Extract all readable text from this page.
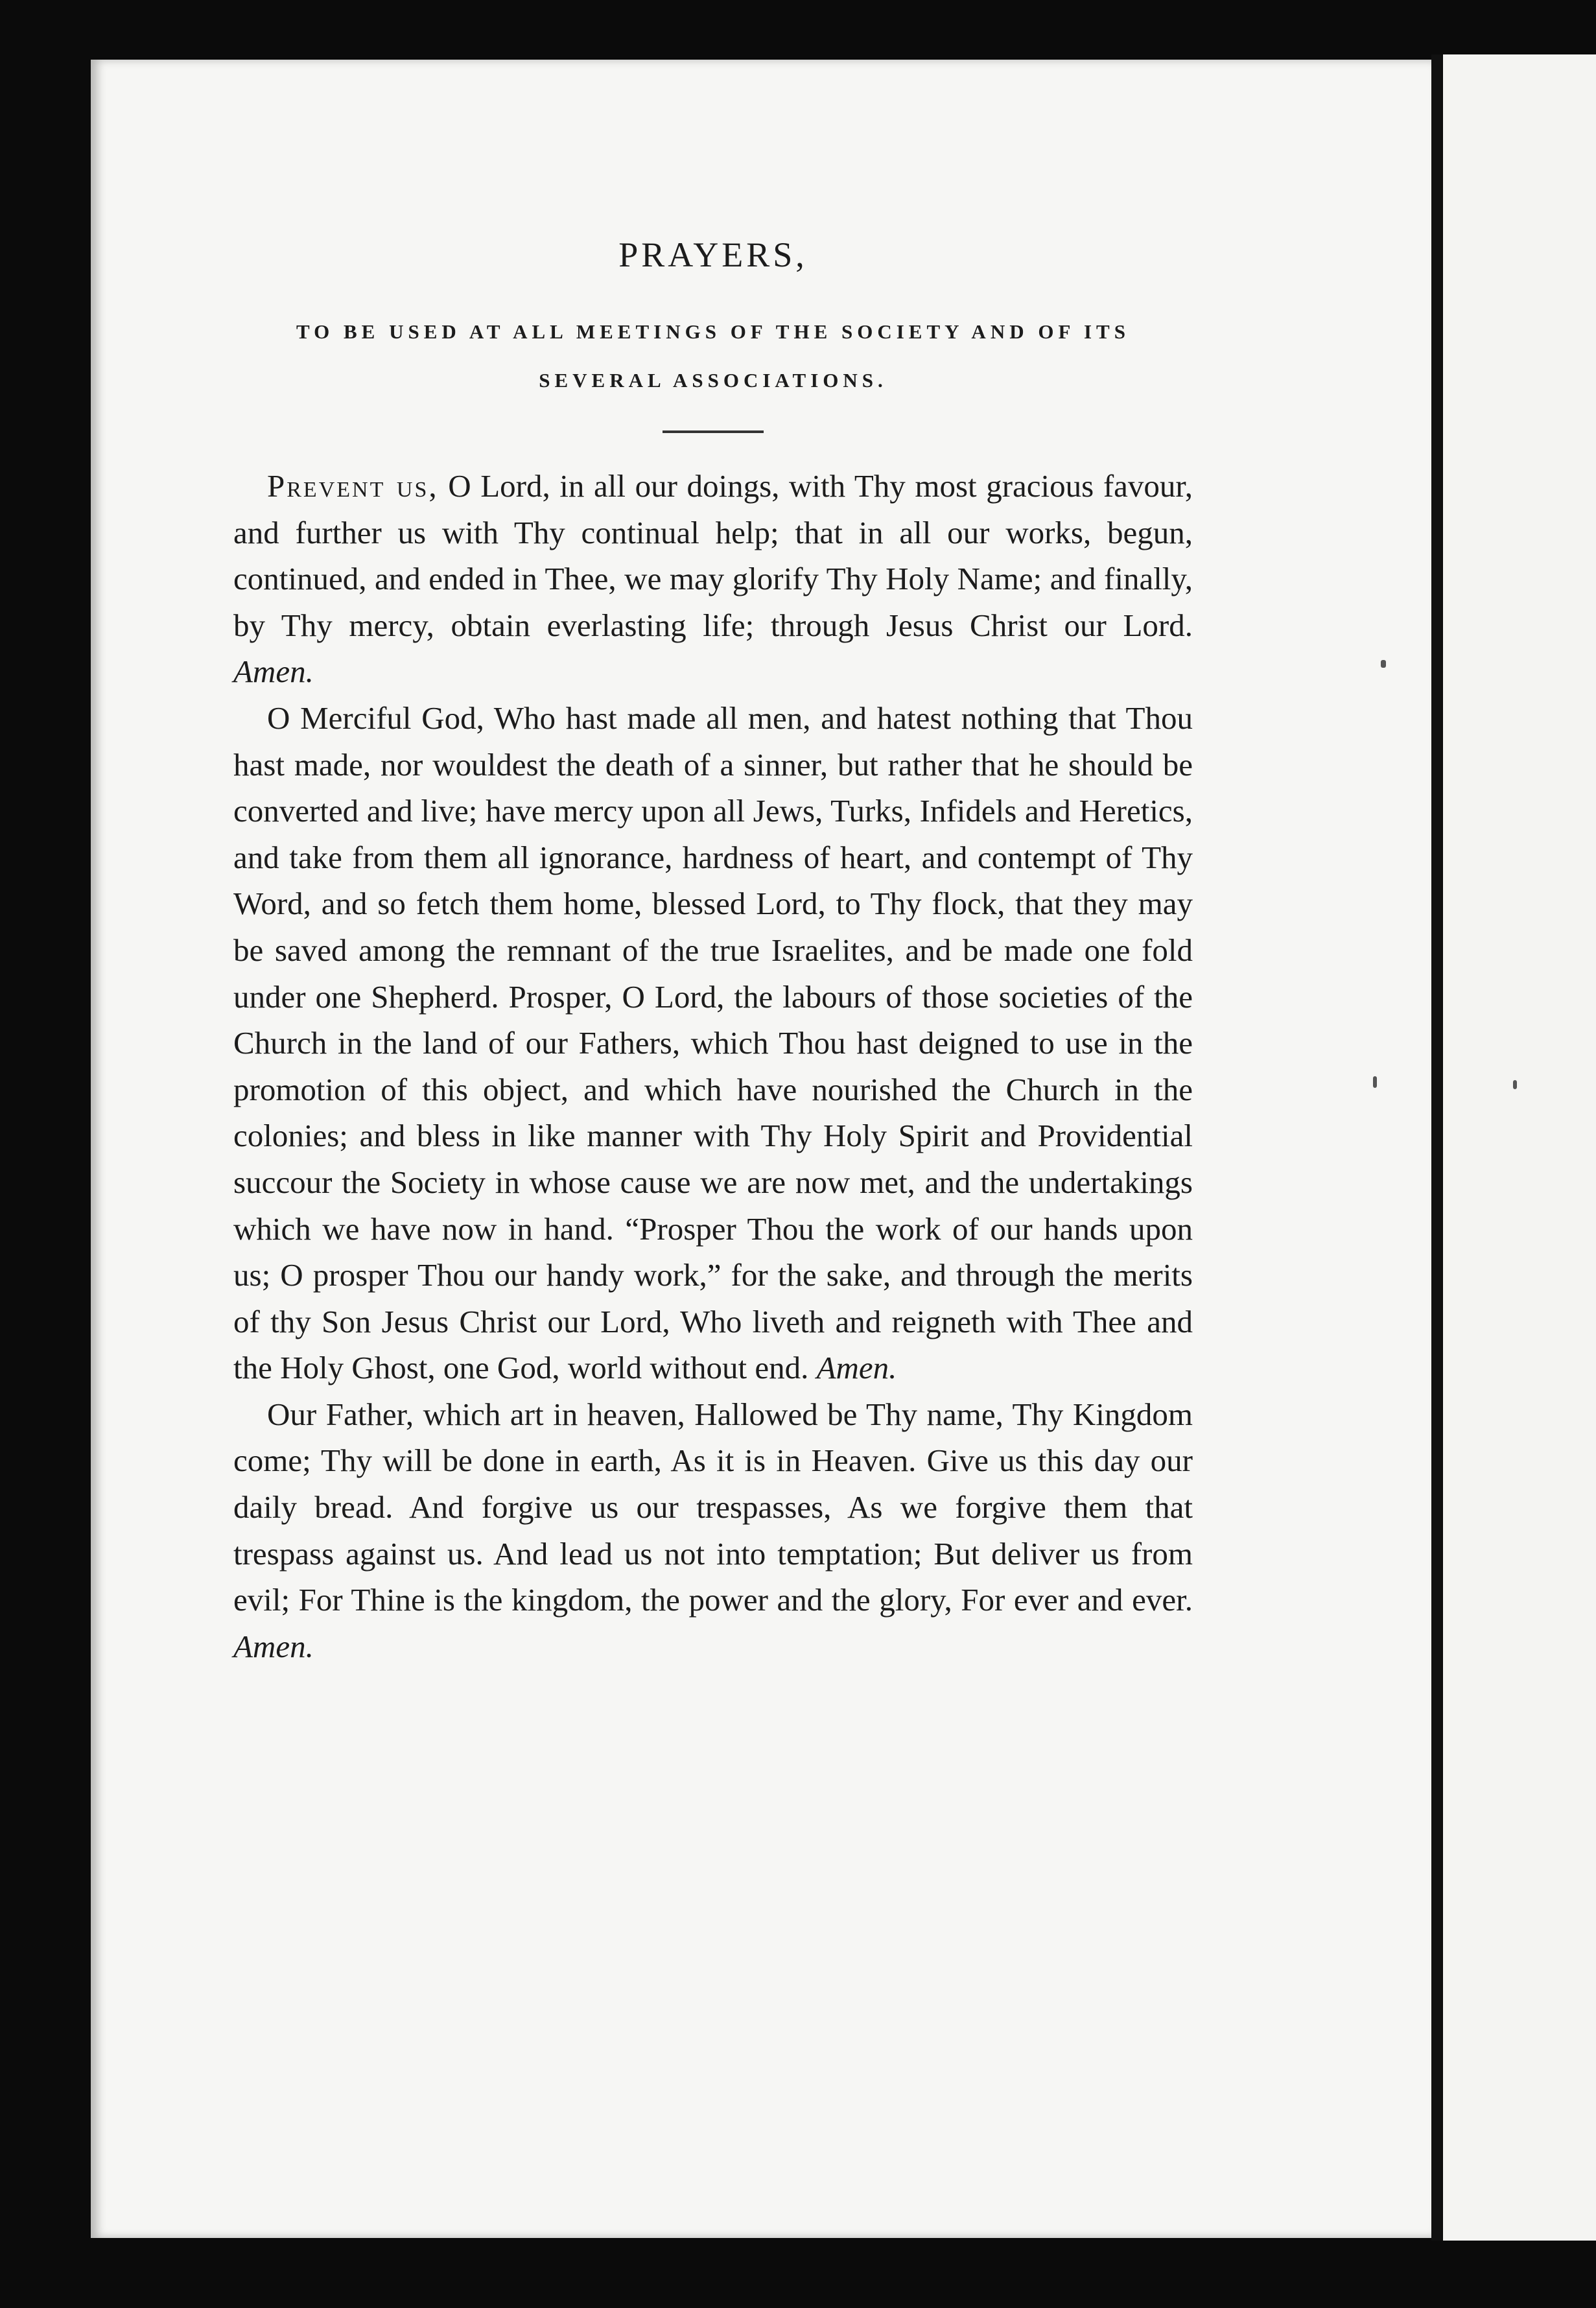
PRAYERS,

TO BE USED AT ALL MEETINGS OF THE SOCIETY AND OF ITS

SEVERAL ASSOCIATIONS.

Prevent us, O Lord, in all our doings, with Thy most gracious favour, and further us with Thy continual help; that in all our works, begun, continued, and ended in Thee, we may glorify Thy Holy Name; and finally, by Thy mercy, obtain everlasting life; through Jesus Christ our Lord. Amen.

O Merciful God, Who hast made all men, and hatest nothing that Thou hast made, nor wouldest the death of a sinner, but rather that he should be converted and live; have mercy upon all Jews, Turks, Infidels and Heretics, and take from them all ignorance, hardness of heart, and contempt of Thy Word, and so fetch them home, blessed Lord, to Thy flock, that they may be saved among the remnant of the true Israelites, and be made one fold under one Shepherd. Prosper, O Lord, the labours of those societies of the Church in the land of our Fathers, which Thou hast deigned to use in the promotion of this object, and which have nourished the Church in the colonies; and bless in like manner with Thy Holy Spirit and Providential succour the Society in whose cause we are now met, and the undertakings which we have now in hand. “Prosper Thou the work of our hands upon us; O prosper Thou our handy work,” for the sake, and through the merits of thy Son Jesus Christ our Lord, Who liveth and reigneth with Thee and the Holy Ghost, one God, world without end. Amen.

Our Father, which art in heaven, Hallowed be Thy name, Thy Kingdom come; Thy will be done in earth, As it is in Heaven. Give us this day our daily bread. And forgive us our trespasses, As we forgive them that trespass against us. And lead us not into temptation; But deliver us from evil; For Thine is the kingdom, the power and the glory, For ever and ever. Amen.
